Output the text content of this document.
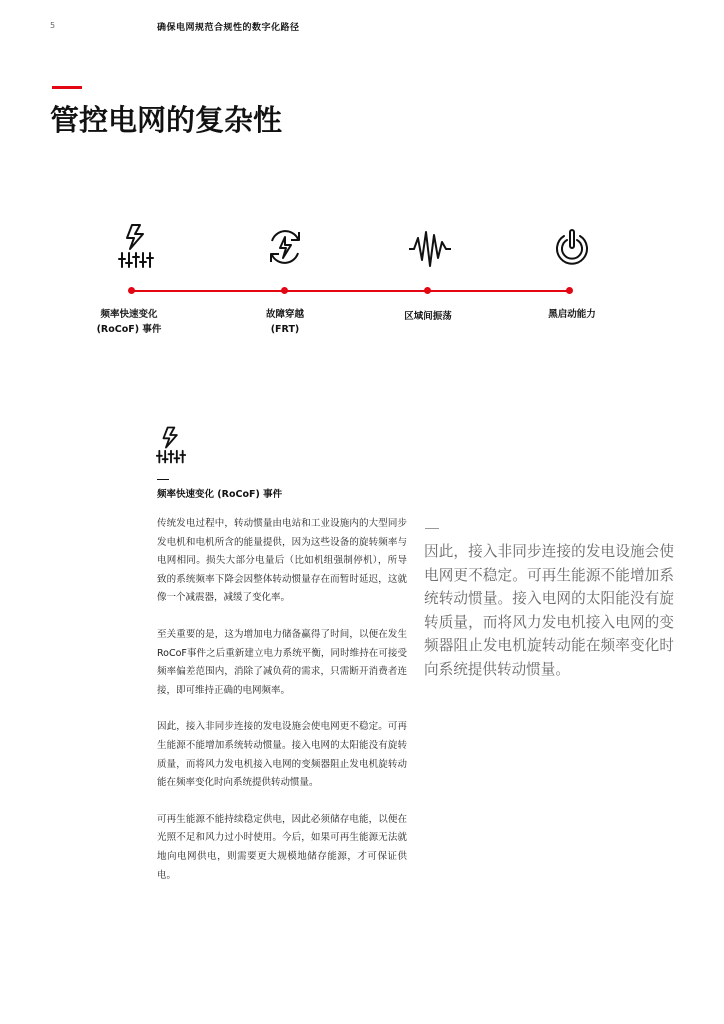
5	确保电网规范合规性的数字化路径
管控电网的复杂性
频率快速变化
(RoCoF) 事件
故障穿越
(FRT)
区域间振荡	黑启动能力
频率快速变化 (RoCoF) 事件

传统发电过程中，转动惯量由电站和工业设施内的大型同步发电机和电机所含的能量提供，因为这些设备的旋转频率与电网相同。损失大部分电量后（比如机组强制停机），所导致的系统频率下降会因整体转动惯量存在而暂时延迟，这就像一个减震器，减缓了变化率。

至关重要的是，这为增加电力储备赢得了时间，以便在发生RoCoF事件之后重新建立电力系统平衡，同时维持在可接受频率偏差范围内，消除了减负荷的需求，只需断开消费者连接，即可维持正确的电网频率。

因此，接入非同步连接的发电设施会使电网更不稳定。可再生能源不能增加系统转动惯量。接入电网的太阳能没有旋转质量，而将风力发电机接入电网的变频器阻止发电机旋转动能在频率变化时向系统提供转动惯量。

可再生能源不能持续稳定供电，因此必须储存电能，以便在光照不足和风力过小时使用。今后，如果可再生能源无法就地向电网供电，则需要更大规模地储存能源，才可保证供电。

因此，接入非同步连接的发电设施会使电网更不稳定。可再生能源不能增加系统转动惯量。接入电网的太阳能没有旋转质量，而将风力发电机接入电网的变频器阻止发电机旋转动能在频率变化时向系统提供转动惯量。
